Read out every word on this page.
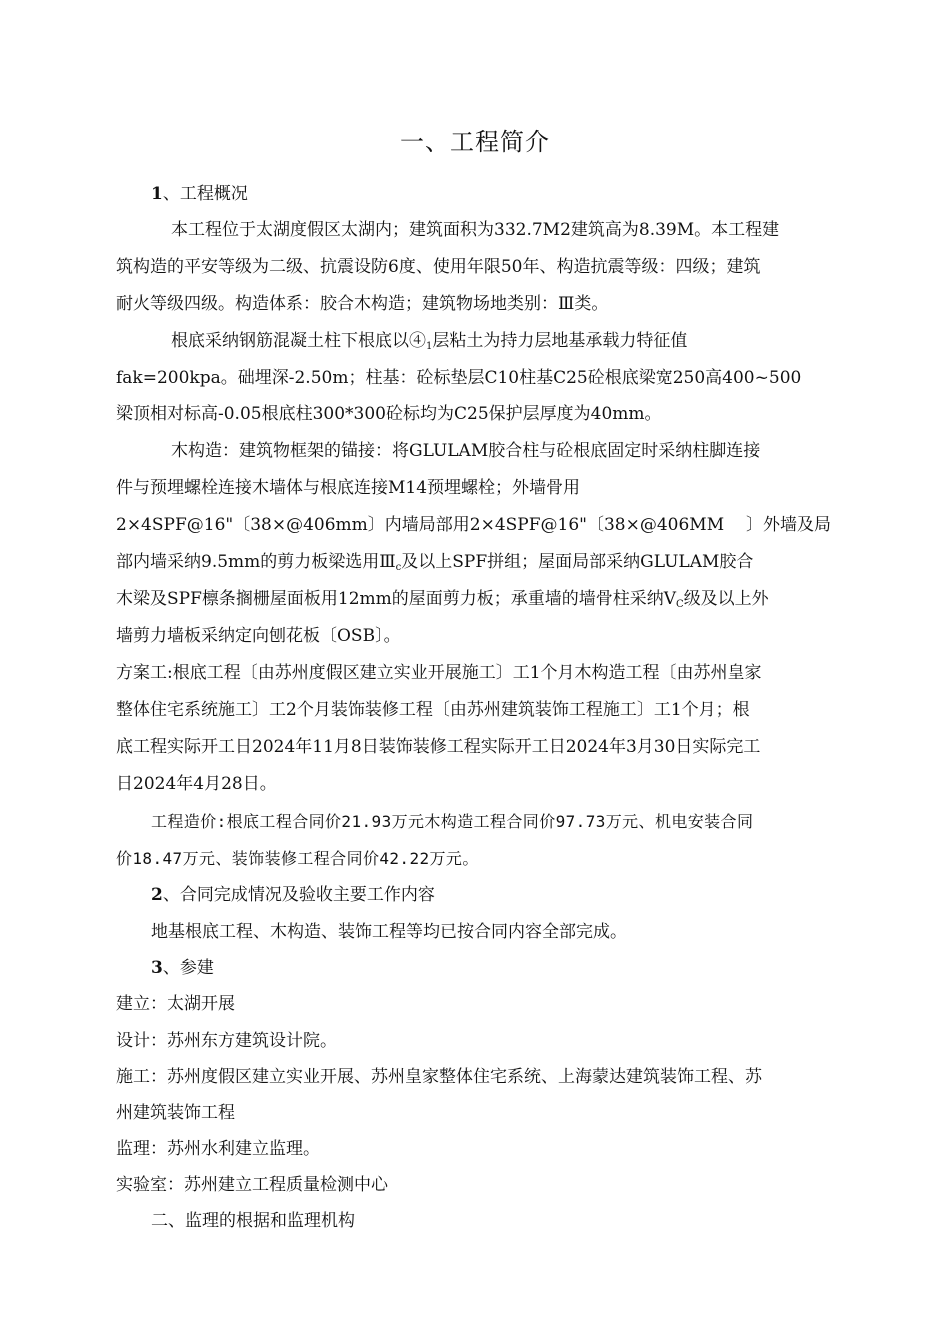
一、工程简介
1、工程概况
本工程位于太湖度假区太湖内；建筑面积为332.7M2建筑高为8.39M。本工程建
筑构造的平安等级为二级、抗震设防6度、使用年限50年、构造抗震等级：四级；建筑
耐火等级四级。构造体系：胶合木构造；建筑物场地类别：Ⅲ类。
根底采纳钢筋混凝土柱下根底以$④_1$层粘土为持力层地基承载力特征值
fak=200kpa。础埋深-2.50m；柱基：砼标垫层C10柱基C25砼根底梁宽250高400~500
梁顶相对标高-0.05根底柱300*300砼标均为C25保护层厚度为40mm。
木构造：建筑物框架的锚接：将GLULAM胶合柱与砼根底固定时采纳柱脚连接
件与预埋螺栓连接木墙体与根底连接M14预埋螺栓；外墙骨用
2×4SPF@16"〔38×@406mm〕内墙局部用2×4SPF@16"〔38×@406MM 〕外墙及局
部内墙采纳9.5mm的剪力板梁选用$Ⅲ_c$及以上SPF拼组；屋面局部采纳GLULAM胶合
木梁及SPF檩条搁栅屋面板用12mm的屋面剪力板；承重墙的墙骨柱采纳$V_C$级及以上外
墙剪力墙板采纳定向刨花板〔OSB〕。
方案工:根底工程〔由苏州度假区建立实业开展施工〕工1个月木构造工程〔由苏州皇家
整体住宅系统施工〕工2个月装饰装修工程〔由苏州建筑装饰工程施工〕工1个月；根
底工程实际开工日2024年11月8日装饰装修工程实际开工日2024年3月30日实际完工
日2024年4月28日。
工程造价:根底工程合同价21.93万元木构造工程合同价97.73万元、机电安装合同
价18.47万元、装饰装修工程合同价42.22万元。
2、合同完成情况及验收主要工作内容
地基根底工程、木构造、装饰工程等均已按合同内容全部完成。
3、参建
建立：太湖开展
设计：苏州东方建筑设计院。
施工：苏州度假区建立实业开展、苏州皇家整体住宅系统、上海蒙达建筑装饰工程、苏
州建筑装饰工程
监理：苏州水利建立监理。
实验室：苏州建立工程质量检测中心
二、监理的根据和监理机构
